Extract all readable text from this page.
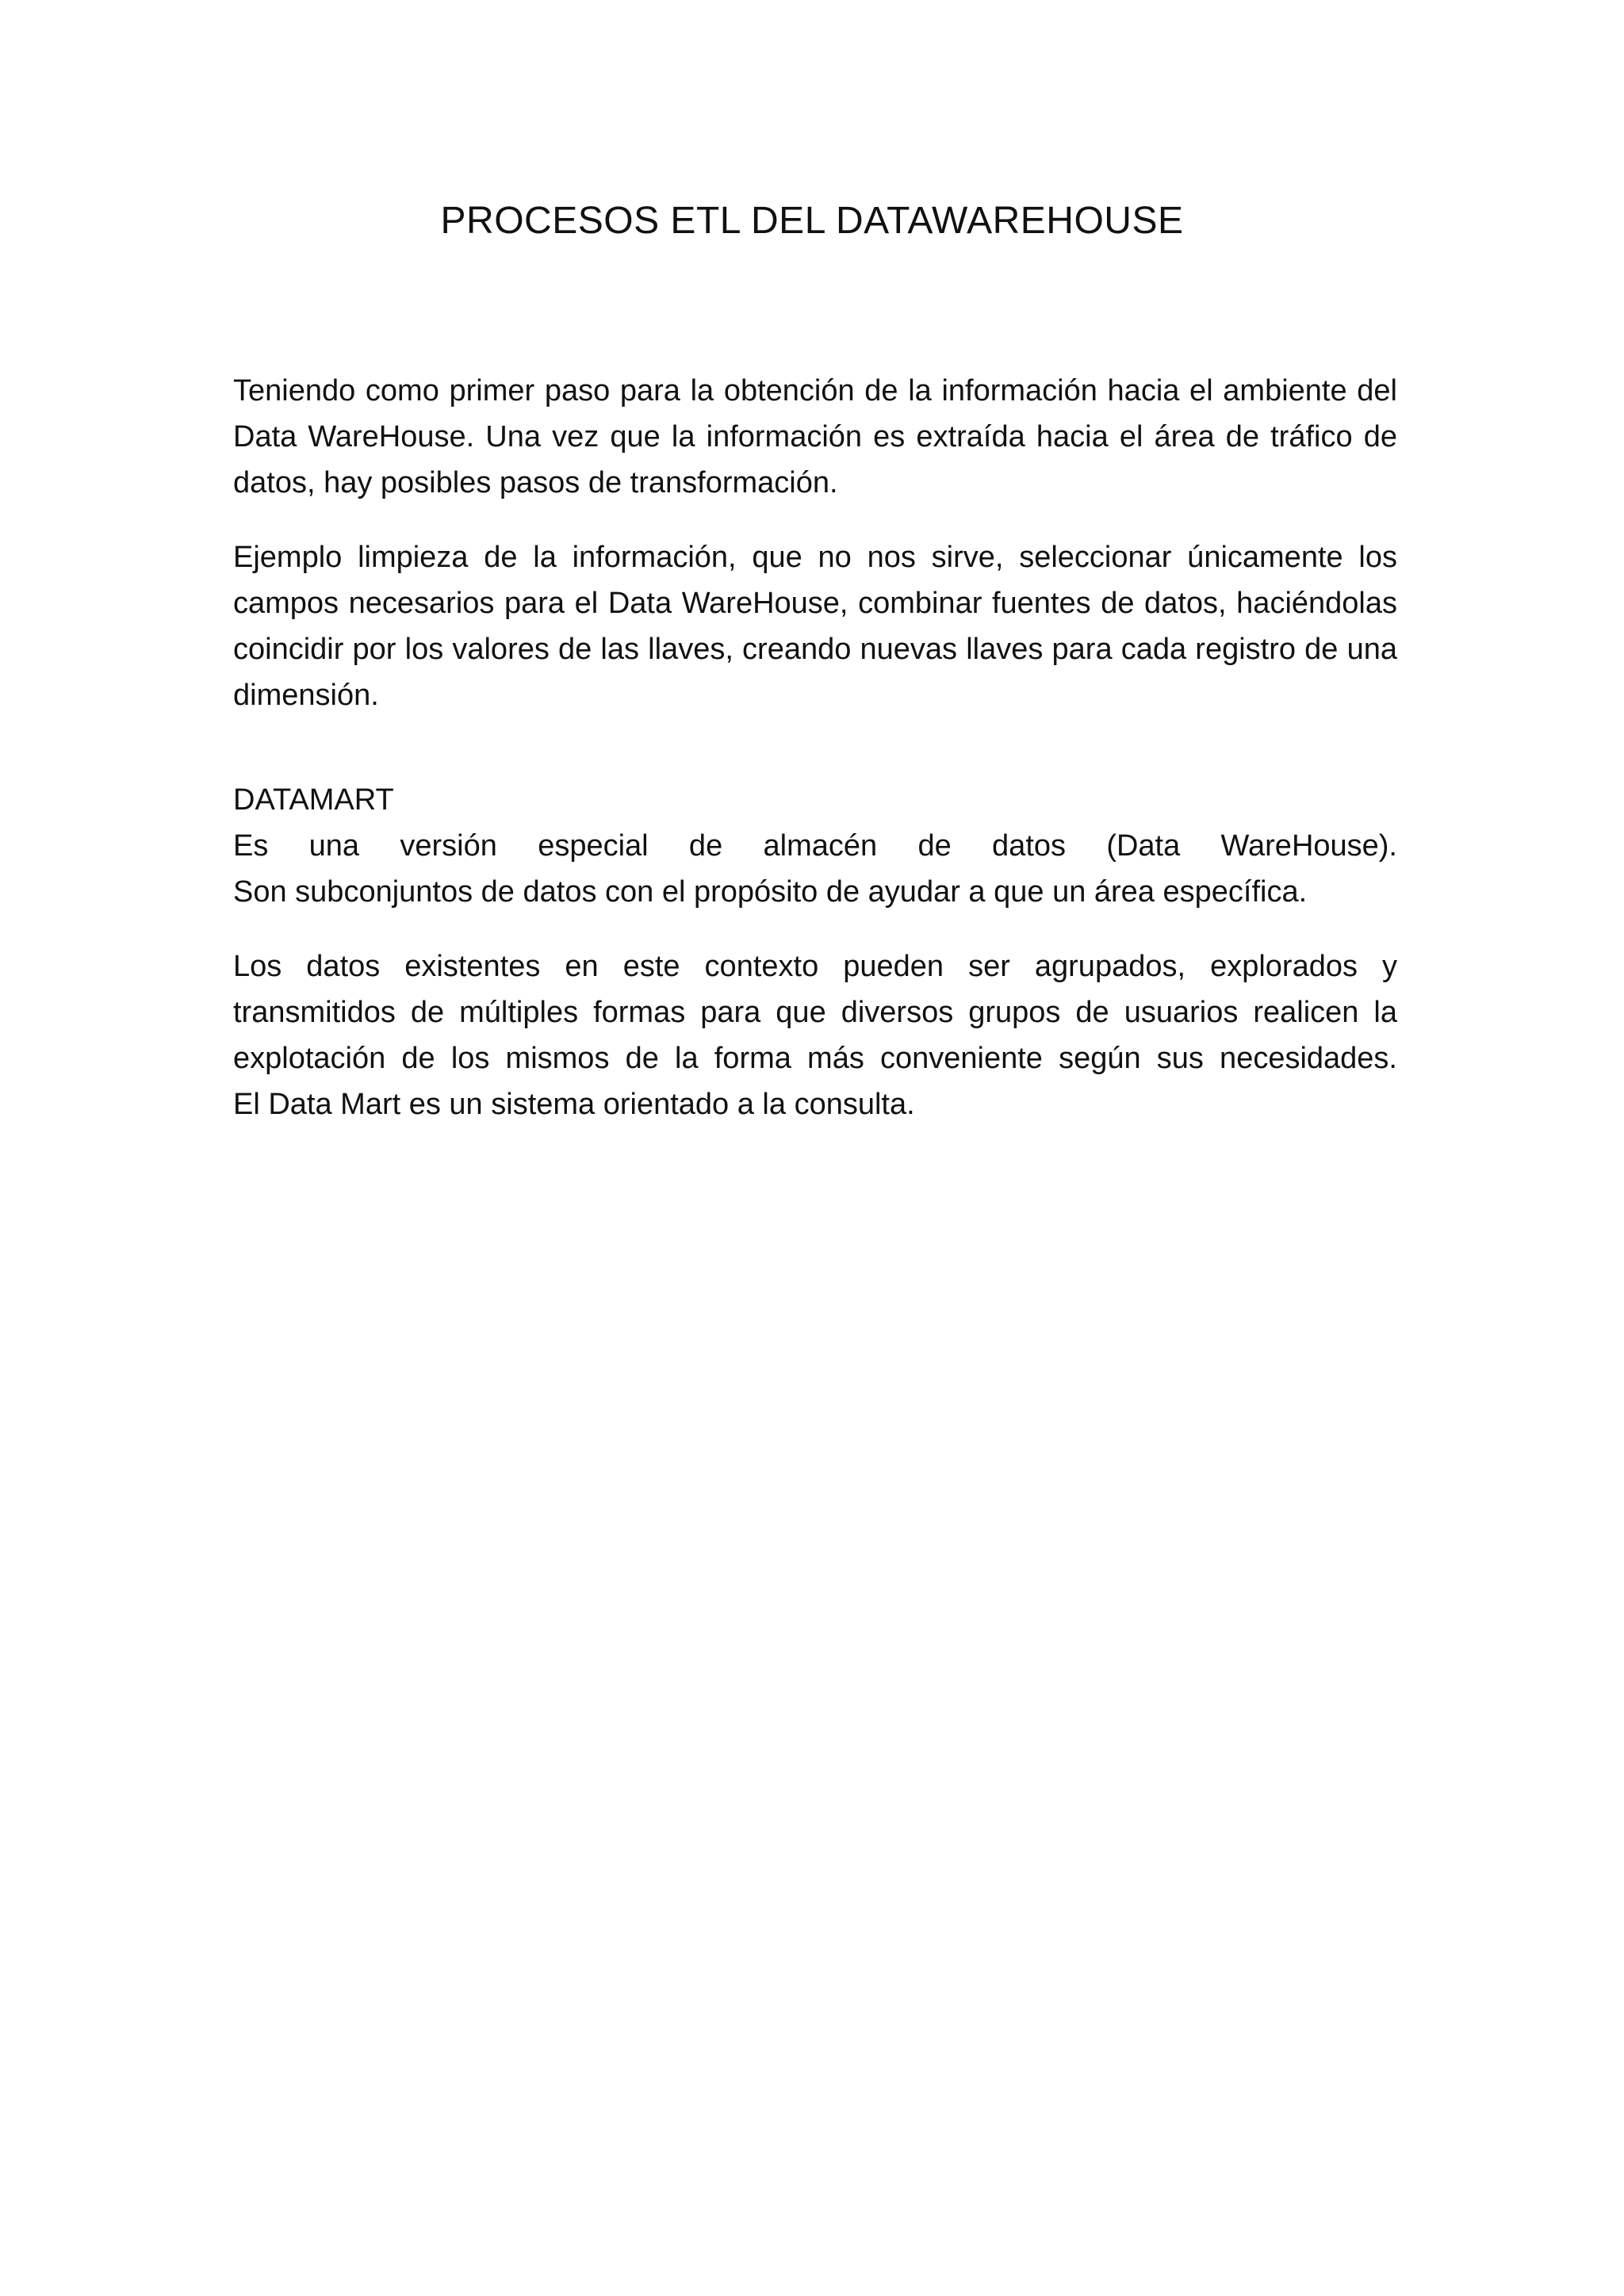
PROCESOS ETL DEL DATAWAREHOUSE

Teniendo como primer paso para la obtención de la información hacia el ambiente del Data WareHouse. Una vez que la información es extraída hacia el área de tráfico de datos, hay posibles pasos de transformación.

Ejemplo limpieza de la información, que no nos sirve, seleccionar únicamente los campos necesarios para el Data WareHouse, combinar fuentes de datos, haciéndolas coincidir por los valores de las llaves, creando nuevas llaves para cada registro de una dimensión.

DATAMART

Es una versión especial de almacén de datos (Data WareHouse).
Son subconjuntos de datos con el propósito de ayudar a que un área específica.

Los datos existentes en este contexto pueden ser agrupados, explorados y transmitidos de múltiples formas para que diversos grupos de usuarios realicen la explotación de los mismos de la forma más conveniente según sus necesidades.
El Data Mart es un sistema orientado a la consulta.
